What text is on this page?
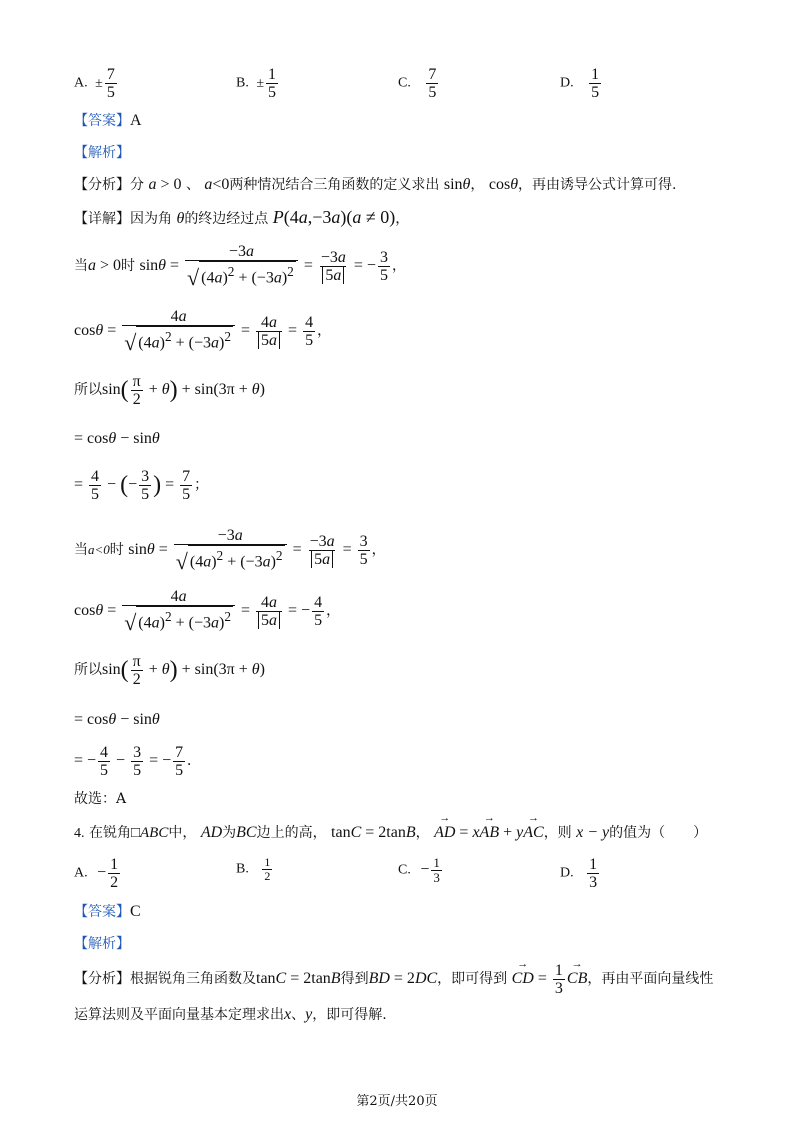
A. ± $\frac{7}{5}$	B. ± $\frac{1}{5}$	C. $\frac{7}{5}$	D. $\frac{1}{5}$
【答案】A
【解析】
【分析】分 a > 0 、 a<0两种情况结合三角函数的定义求出 sinθ， cosθ，再由诱导公式计算可得.
【详解】因为角 θ的终边经过点 P(4a,−3a)(a ≠ 0)，
当a > 0时 $\sin\theta = \frac{-3a}{√ (4a)^2 + (-3a)^2} = \frac{-3a}{5a}$ = − $\frac{3}{5}$ ，
$\cos\theta = \frac{4a}{√ (4a)^2 + (-3a)^2} = \frac{4a}{5a} = \frac{4}{5}$ ，
所以$\sin( \frac{\pi}{2} + \theta) + \sin(3\pi + \theta)$
= cosθ − sinθ
= $\frac{4}{5}$ − (− $\frac{3}{5}$ ) = $\frac{7}{5}$ ；
当a<0时 $\sin\theta = \frac{-3a}{√ (4a)^2 + (-3a)^2} = \frac{-3a}{5a} = \frac{3}{5}$ ，
$\cos\theta = \frac{4a}{√ (4a)^2 + (-3a)^2} = \frac{4a}{5a}$ = − $\frac{4}{5}$ ，
所以$\sin( \frac{\pi}{2} + \theta) + \sin(3\pi + \theta)$
= cosθ − sinθ
= − $\frac{4}{5} - \frac{3}{5}$ = − $\frac{7}{5}$ .
故选：A
4. 在锐角□ABC中， AD为BC边上的高， tanC = 2tanB， → AD = x→ AB + y→ AC，则 x − y的值为（　　）
A. − $\frac{1}{2}$	B. $\frac{1}{2}$	C. − $\frac{1}{3}$	D. $\frac{1}{3}$
【答案】C
【解析】
【分析】根据锐角三角函数及tanC = 2tanB得到BD = 2DC，即可得到 → CD = $\frac{1}{3}$ → CB，再由平面向量线性
运算法则及平面向量基本定理求出x、y，即可得解.
第2页/共20页
